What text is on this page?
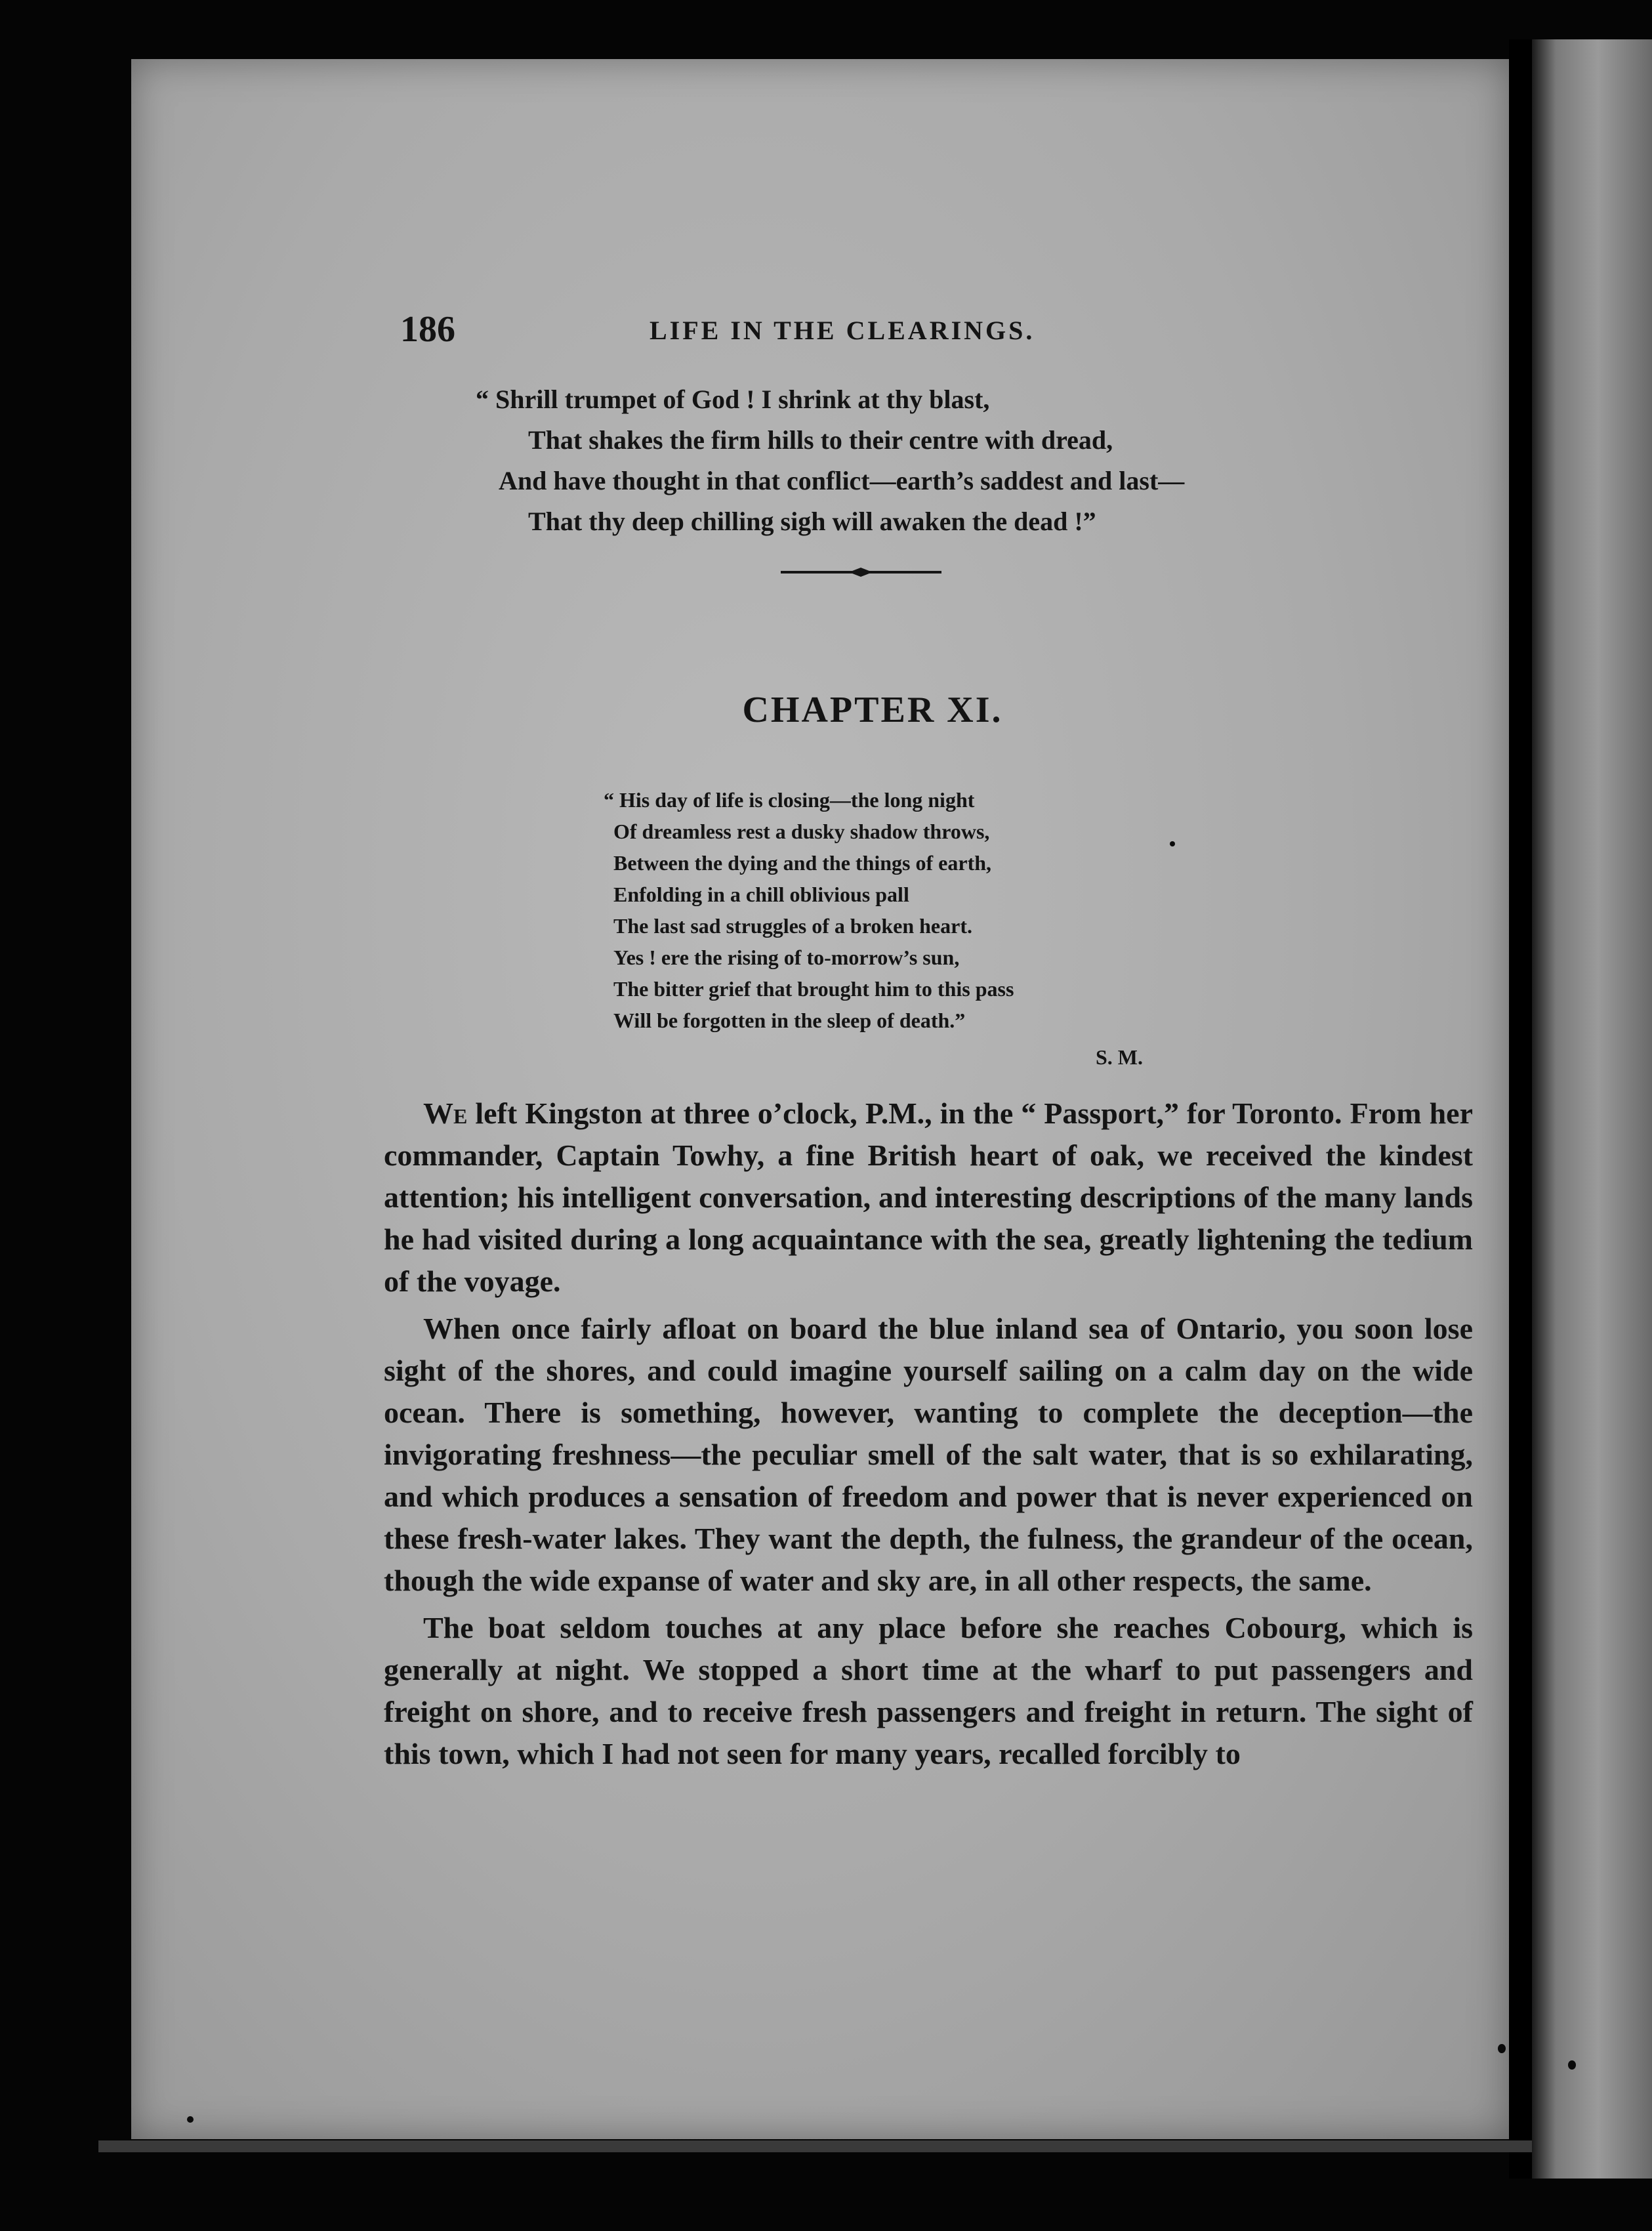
186	LIFE IN THE CLEARINGS.
“ Shrill trumpet of God ! I shrink at thy blast,
That shakes the firm hills to their centre with dread,
And have thought in that conflict—earth’s saddest and last—
That thy deep chilling sigh will awaken the dead !”
CHAPTER XI.
“ His day of life is closing—the long night
Of dreamless rest a dusky shadow throws,
Between the dying and the things of earth,
Enfolding in a chill oblivious pall
The last sad struggles of a broken heart.
Yes ! ere the rising of to-morrow’s sun,
The bitter grief that brought him to this pass
Will be forgotten in the sleep of death.”
S. M.

We left Kingston at three o’clock, P.M., in the “ Passport,” for Toronto. From her commander, Captain Towhy, a fine British heart of oak, we received the kindest attention; his intelligent conversation, and interesting descriptions of the many lands he had visited during a long acquaintance with the sea, greatly lightening the tedium of the voyage.

When once fairly afloat on board the blue inland sea of Ontario, you soon lose sight of the shores, and could imagine yourself sailing on a calm day on the wide ocean. There is something, however, wanting to complete the deception—the invigorating freshness—the peculiar smell of the salt water, that is so exhilarating, and which produces a sensation of freedom and power that is never experienced on these fresh-water lakes. They want the depth, the fulness, the grandeur of the ocean, though the wide expanse of water and sky are, in all other respects, the same.

The boat seldom touches at any place before she reaches Cobourg, which is generally at night. We stopped a short time at the wharf to put passengers and freight on shore, and to receive fresh passengers and freight in return. The sight of this town, which I had not seen for many years, recalled forcibly to
